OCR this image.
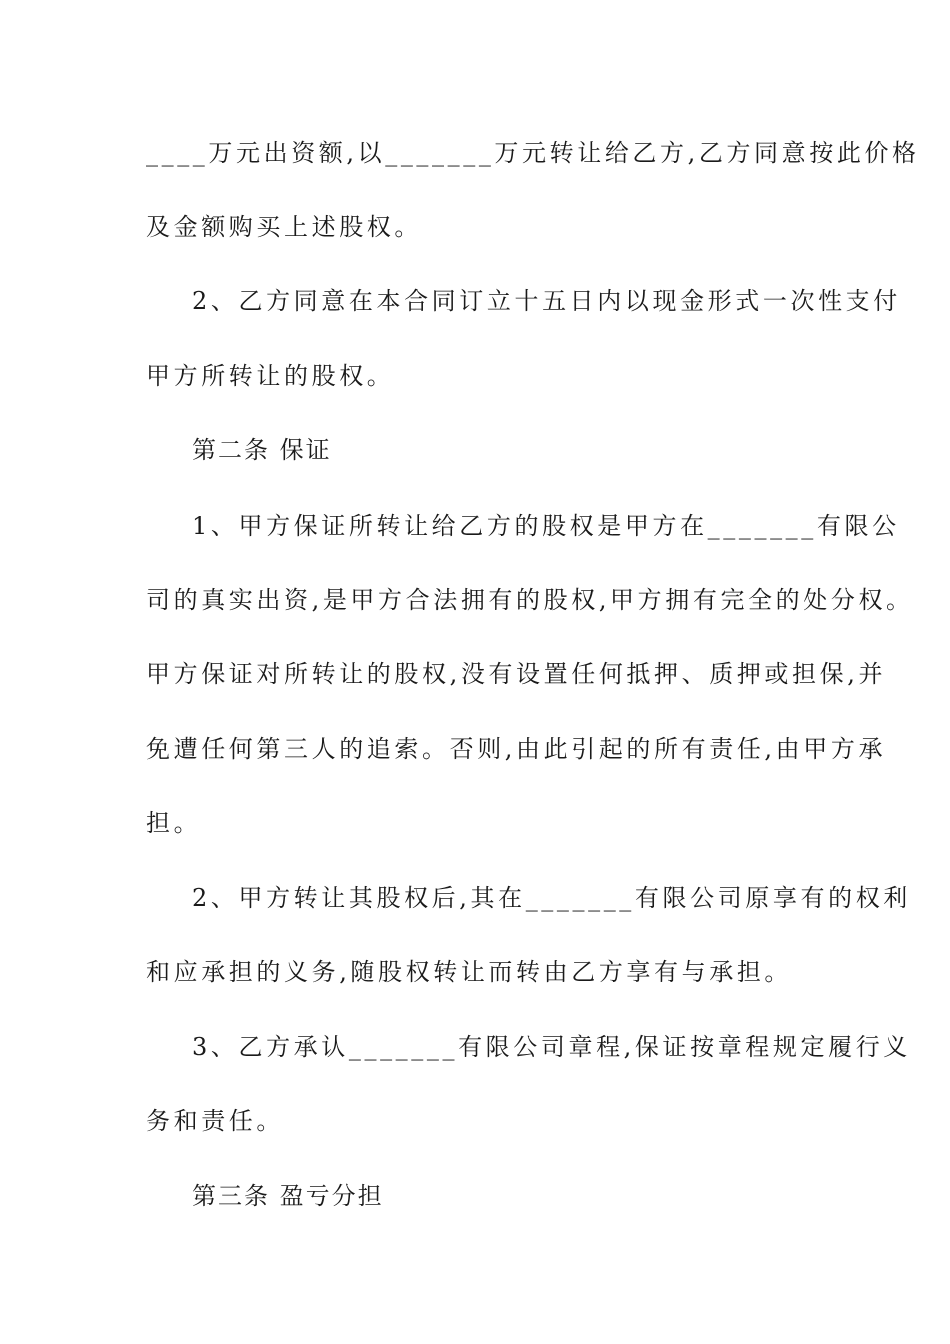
____万元出资额,以_______万元转让给乙方,乙方同意按此价格
及金额购买上述股权。
2、乙方同意在本合同订立十五日内以现金形式一次性支付
甲方所转让的股权。
第二条 保证
1、甲方保证所转让给乙方的股权是甲方在_______有限公
司的真实出资,是甲方合法拥有的股权,甲方拥有完全的处分权。
甲方保证对所转让的股权,没有设置任何抵押、质押或担保,并
免遭任何第三人的追索。否则,由此引起的所有责任,由甲方承
担。
2、甲方转让其股权后,其在_______有限公司原享有的权利
和应承担的义务,随股权转让而转由乙方享有与承担。
3、乙方承认_______有限公司章程,保证按章程规定履行义
务和责任。
第三条 盈亏分担
